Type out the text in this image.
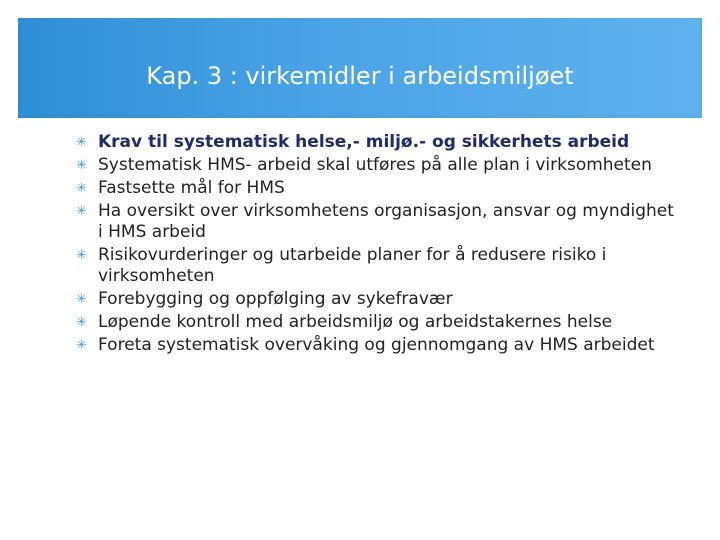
Kap. 3 : virkemidler i arbeidsmiljøet
✳ Krav til systematisk helse,- miljø.- og sikkerhets arbeid
✳ Systematisk HMS- arbeid skal utføres på alle plan i virksomheten
✳ Fastsette mål for HMS
✳ Ha oversikt over virksomhetens organisasjon, ansvar og myndighet i HMS arbeid
✳ Risikovurderinger og utarbeide planer for å redusere risiko i virksomheten
✳ Forebygging og oppfølging av sykefravær
✳ Løpende kontroll med arbeidsmiljø og arbeidstakernes helse
✳ Foreta systematisk overvåking og gjennomgang av HMS arbeidet
